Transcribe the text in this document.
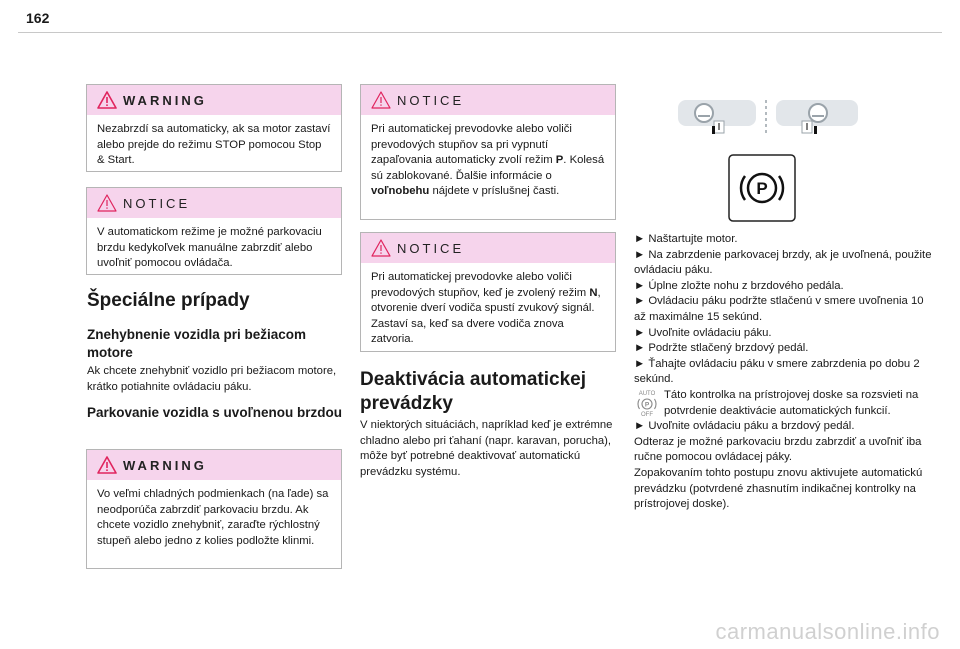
162
WARNING

Nezabrzdí sa automaticky, ak sa motor zastaví alebo prejde do režimu STOP pomocou Stop & Start.

NOTICE

V automatickom režime je možné parkovaciu brzdu kedykoľvek manuálne zabrzdiť alebo uvoľniť pomocou ovládača.

Špeciálne prípady
Znehybnenie vozidla pri bežiacom motore

Ak chcete znehybniť vozidlo pri bežiacom motore, krátko potiahnite ovládaciu páku.

Parkovanie vozidla s uvoľnenou brzdou
WARNING

Vo veľmi chladných podmienkach (na ľade) sa neodporúča zabrzdiť parkovaciu brzdu. Ak chcete vozidlo znehybniť, zaraďte rýchlostný stupeň alebo jedno z kolies podložte klinmi.

NOTICE

Pri automatickej prevodovke alebo voliči prevodových stupňov sa pri vypnutí zapaľovania automaticky zvolí režim P. Kolesá sú zablokované. Ďalšie informácie o voľnobehu nájdete v príslušnej časti.

NOTICE

Pri automatickej prevodovke alebo voliči prevodových stupňov, keď je zvolený režim N, otvorenie dverí vodiča spustí zvukový signál. Zastaví sa, keď sa dvere vodiča znova zatvoria.

Deaktivácia automatickej prevádzky

V niektorých situáciách, napríklad keď je extrémne chladno alebo pri ťahaní (napr. karavan, porucha), môže byť potrebné deaktivovať automatickú prevádzku systému.

P

► Naštartujte motor.

► Na zabrzdenie parkovacej brzdy, ak je uvoľnená, použite ovládaciu páku.

► Úplne zložte nohu z brzdového pedála.

► Ovládaciu páku podržte stlačenú v smere uvoľnenia 10 až maximálne 15 sekúnd.

► Uvoľnite ovládaciu páku.

► Podržte stlačený brzdový pedál.

► Ťahajte ovládaciu páku v smere zabrzdenia po dobu 2 sekúnd.

AUTO
P
OFF
Táto kontrolka na prístrojovej doske sa rozsvieti na potvrdenie deaktivácie automatických funkcií.

► Uvoľnite ovládaciu páku a brzdový pedál.

Odteraz je možné parkovaciu brzdu zabrzdiť a uvoľniť iba ručne pomocou ovládacej páky.

Zopakovaním tohto postupu znovu aktivujete automatickú prevádzku (potvrdené zhasnutím indikačnej kontrolky na prístrojovej doske).

carmanualsonline.info
